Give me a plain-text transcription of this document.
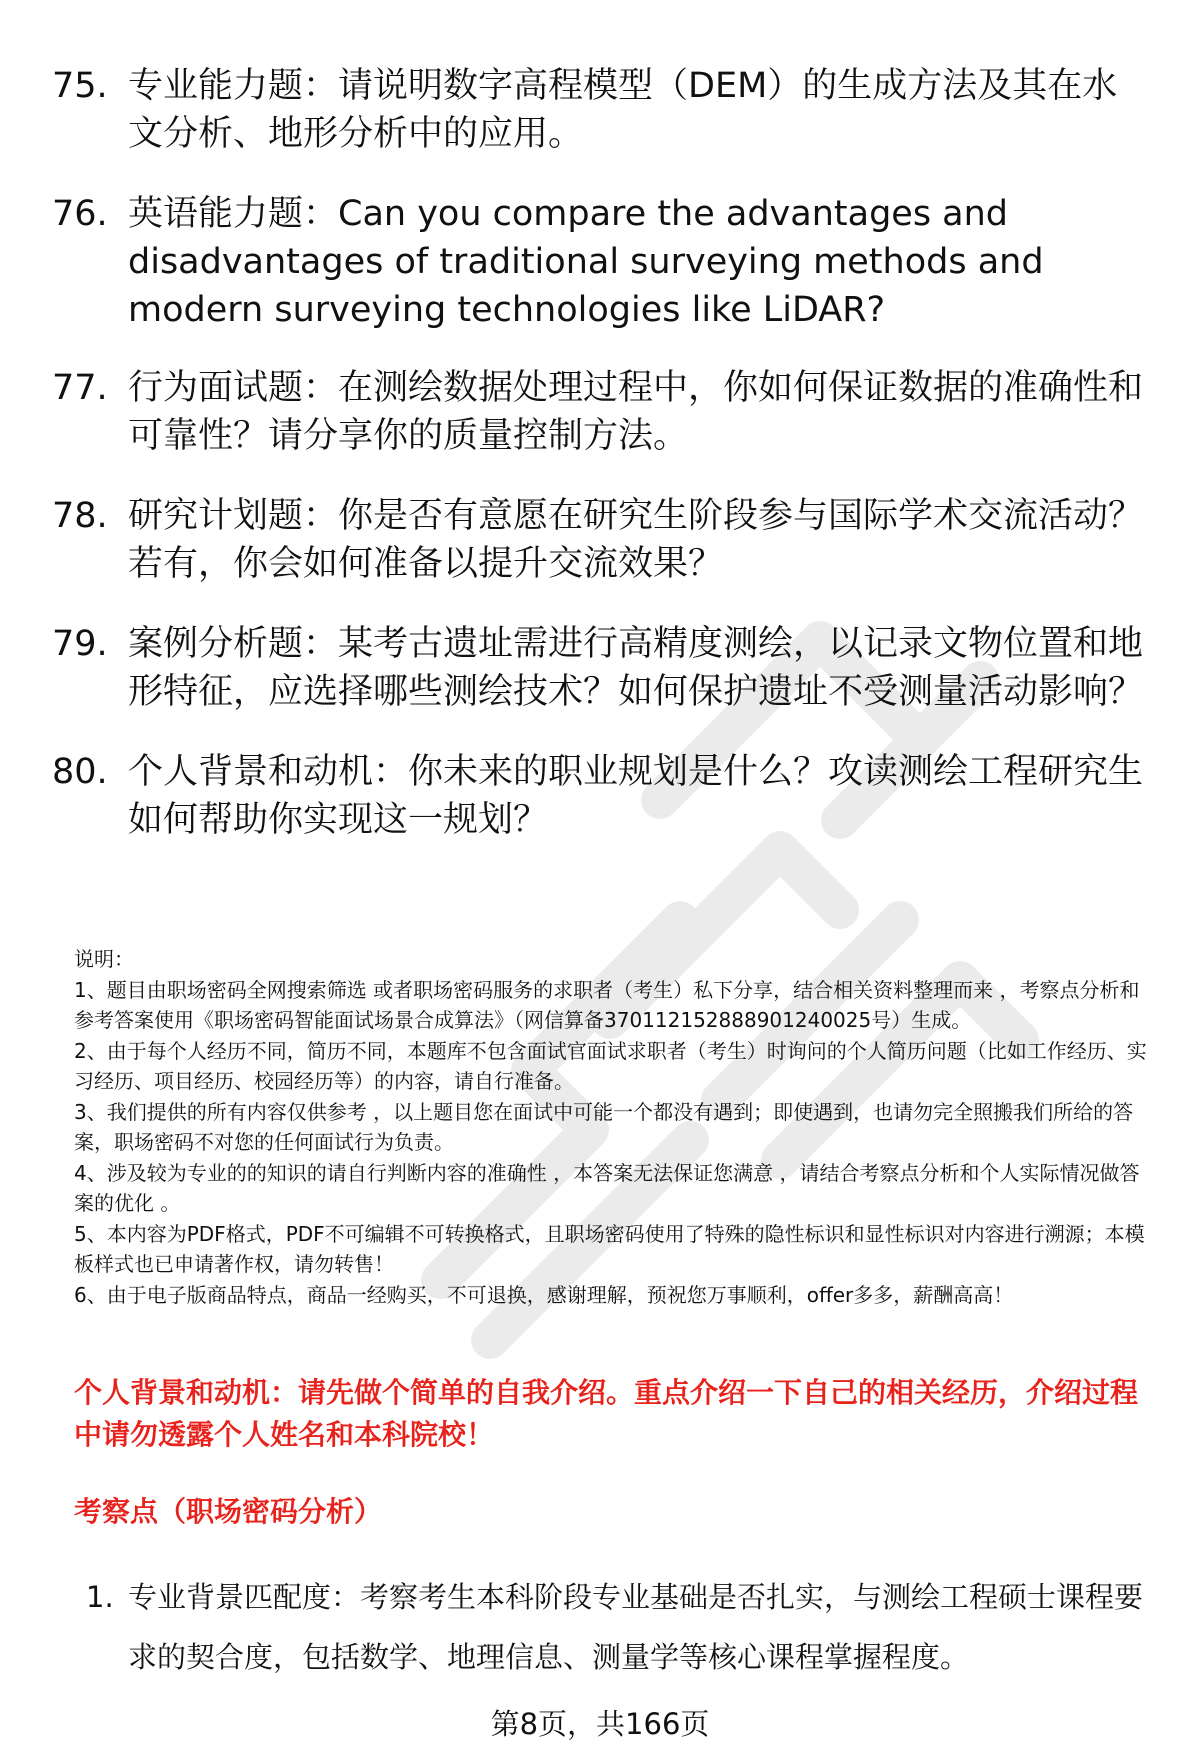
75. 专业能力题：请说明数字高程模型（DEM）的生成方法及其在水文分析、地形分析中的应用。
76. 英语能力题：Can you compare the advantages and disadvantages of traditional surveying methods and modern surveying technologies like LiDAR?
77. 行为面试题：在测绘数据处理过程中，你如何保证数据的准确性和可靠性？请分享你的质量控制方法。
78. 研究计划题：你是否有意愿在研究生阶段参与国际学术交流活动？若有，你会如何准备以提升交流效果？
79. 案例分析题：某考古遗址需进行高精度测绘，以记录文物位置和地形特征，应选择哪些测绘技术？如何保护遗址不受测量活动影响？
80. 个人背景和动机：你未来的职业规划是什么？攻读测绘工程研究生如何帮助你实现这一规划？

说明：

1、题目由职场密码全网搜索筛选 或者职场密码服务的求职者（考生）私下分享，结合相关资料整理而来 ，考察点分析和参考答案使用《职场密码智能面试场景合成算法》（网信算备370112152888901240025号）生成。

2、由于每个人经历不同，简历不同，本题库不包含面试官面试求职者（考生）时询问的个人简历问题（比如工作经历、实习经历、项目经历、校园经历等）的内容，请自行准备。

3、我们提供的所有内容仅供参考 ，以上题目您在面试中可能一个都没有遇到；即使遇到，也请勿完全照搬我们所给的答案，职场密码不对您的任何面试行为负责。

4、涉及较为专业的的知识的请自行判断内容的准确性 ，本答案无法保证您满意 ，请结合考察点分析和个人实际情况做答案的优化 。

5、本内容为PDF格式，PDF不可编辑不可转换格式，且职场密码使用了特殊的隐性标识和显性标识对内容进行溯源；本模板样式也已申请著作权，请勿转售！

6、由于电子版商品特点，商品一经购买，不可退换，感谢理解，预祝您万事顺利，offer多多，薪酬高高！

个人背景和动机：请先做个简单的自我介绍。重点介绍一下自己的相关经历，介绍过程中请勿透露个人姓名和本科院校！
考察点（职场密码分析）
1. 专业背景匹配度：考察考生本科阶段专业基础是否扎实，与测绘工程硕士课程要求的契合度，包括数学、地理信息、测量学等核心课程掌握程度。
第8页，共166页
